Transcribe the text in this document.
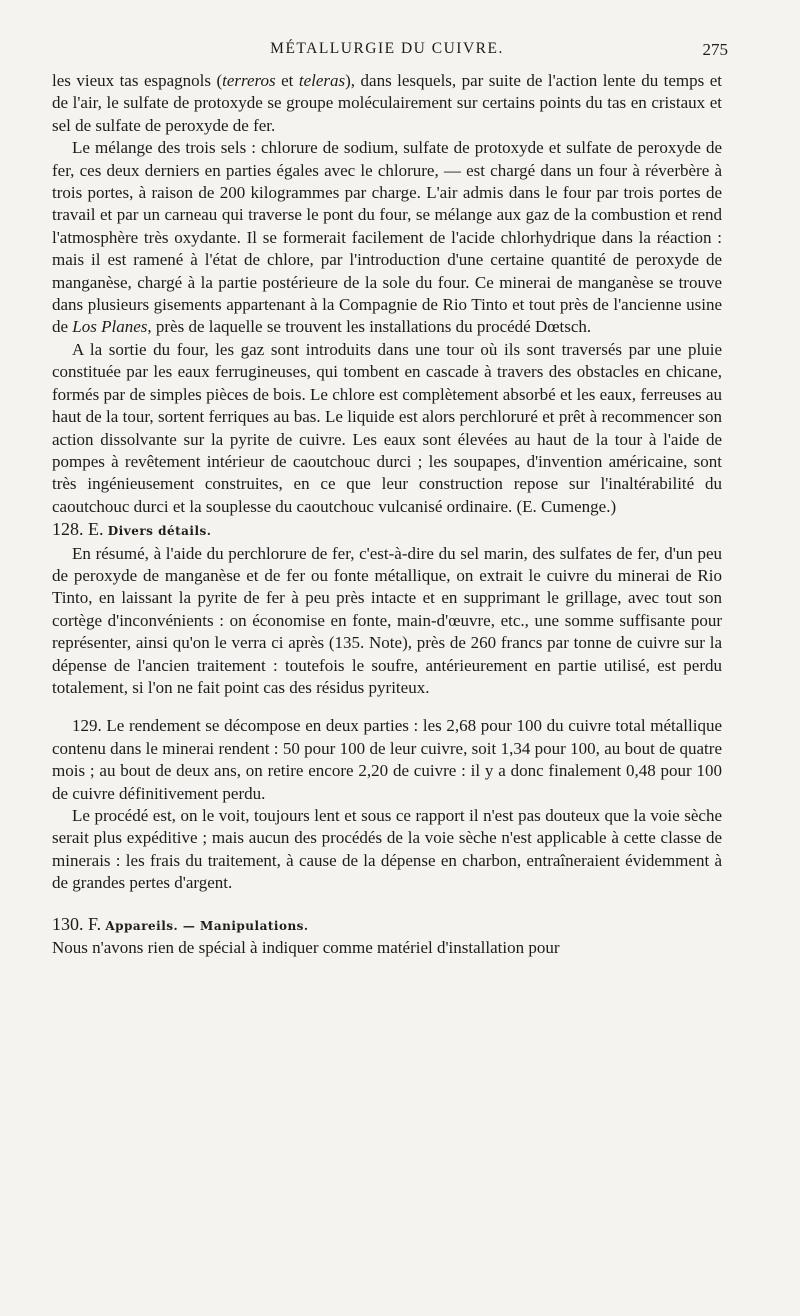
MÉTALLURGIE DU CUIVRE.	275

les vieux tas espagnols (terreros et teleras), dans lesquels, par suite de l'action lente du temps et de l'air, le sulfate de protoxyde se groupe moléculairement sur certains points du tas en cristaux et sel de sulfate de peroxyde de fer.

Le mélange des trois sels : chlorure de sodium, sulfate de protoxyde et sulfate de peroxyde de fer, ces deux derniers en parties égales avec le chlorure, — est chargé dans un four à réverbère à trois portes, à raison de 200 kilogrammes par charge. L'air admis dans le four par trois portes de travail et par un carneau qui traverse le pont du four, se mélange aux gaz de la combustion et rend l'atmosphère très oxydante. Il se formerait facilement de l'acide chlorhydrique dans la réaction : mais il est ramené à l'état de chlore, par l'introduction d'une certaine quantité de peroxyde de manganèse, chargé à la partie postérieure de la sole du four. Ce minerai de manganèse se trouve dans plusieurs gisements appartenant à la Compagnie de Rio Tinto et tout près de l'ancienne usine de Los Planes, près de laquelle se trouvent les installations du procédé Dœtsch.

A la sortie du four, les gaz sont introduits dans une tour où ils sont traversés par une pluie constituée par les eaux ferrugineuses, qui tombent en cascade à travers des obstacles en chicane, formés par de simples pièces de bois. Le chlore est complètement absorbé et les eaux, ferreuses au haut de la tour, sortent ferriques au bas. Le liquide est alors perchloruré et prêt à recommencer son action dissolvante sur la pyrite de cuivre. Les eaux sont élevées au haut de la tour à l'aide de pompes à revêtement intérieur de caoutchouc durci ; les soupapes, d'invention américaine, sont très ingénieusement construites, en ce que leur construction repose sur l'inaltérabilité du caoutchouc durci et la souplesse du caoutchouc vulcanisé ordinaire. (E. Cumenge.)

128. E. Divers détails.

En résumé, à l'aide du perchlorure de fer, c'est-à-dire du sel marin, des sulfates de fer, d'un peu de peroxyde de manganèse et de fer ou fonte métallique, on extrait le cuivre du minerai de Rio Tinto, en laissant la pyrite de fer à peu près intacte et en supprimant le grillage, avec tout son cortège d'inconvénients : on économise en fonte, main-d'œuvre, etc., une somme suffisante pour représenter, ainsi qu'on le verra ci après (135. Note), près de 260 francs par tonne de cuivre sur la dépense de l'ancien traitement : toutefois le soufre, antérieurement en partie utilisé, est perdu totalement, si l'on ne fait point cas des résidus pyriteux.

129. Le rendement se décompose en deux parties : les 2,68 pour 100 du cuivre total métallique contenu dans le minerai rendent : 50 pour 100 de leur cuivre, soit 1,34 pour 100, au bout de quatre mois ; au bout de deux ans, on retire encore 2,20 de cuivre : il y a donc finalement 0,48 pour 100 de cuivre définitivement perdu.

Le procédé est, on le voit, toujours lent et sous ce rapport il n'est pas douteux que la voie sèche serait plus expéditive ; mais aucun des procédés de la voie sèche n'est applicable à cette classe de minerais : les frais du traitement, à cause de la dépense en charbon, entraîneraient évidemment à de grandes pertes d'argent.

130. F. Appareils. — Manipulations.

Nous n'avons rien de spécial à indiquer comme matériel d'installation pour
